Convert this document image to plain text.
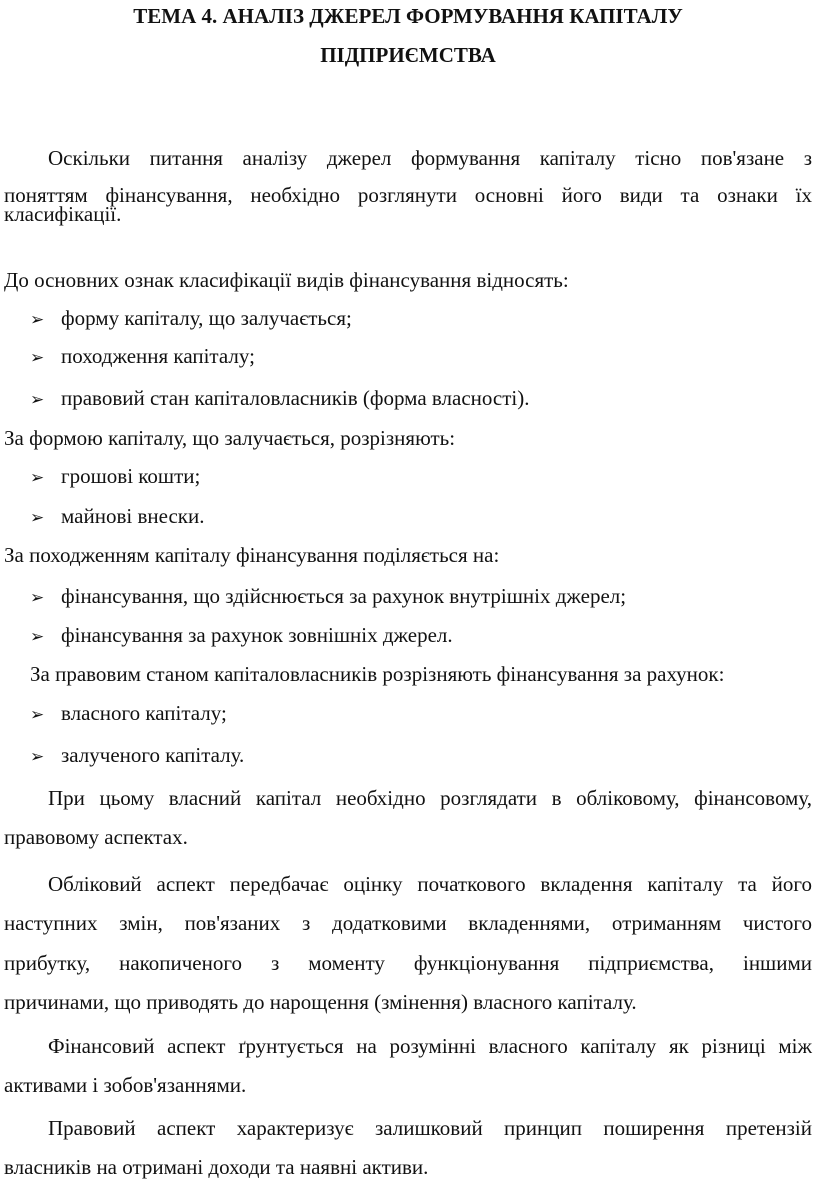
ТЕМА 4. АНАЛІЗ ДЖЕРЕЛ ФОРМУВАННЯ КАПІТАЛУ
ПІДПРИЄМСТВА
Оскільки питання аналізу джерел формування капіталу тісно пов'язане з
поняттям фінансування, необхідно розглянути основні його види та ознаки їх
класифікації.
До основних ознак класифікації видів фінансування відносять:
➢ форму капіталу, що залучається;
➢ походження капіталу;
➢ правовий стан капіталовласників (форма власності).
За формою капіталу, що залучається, розрізняють:
➢ грошові кошти;
➢ майнові внески.
За походженням капіталу фінансування поділяється на:
➢ фінансування, що здійснюється за рахунок внутрішніх джерел;
➢ фінансування за рахунок зовнішніх джерел.
За правовим станом капіталовласників розрізняють фінансування за рахунок:
➢ власного капіталу;
➢ залученого капіталу.
При цьому власний капітал необхідно розглядати в обліковому, фінансовому,
правовому аспектах.
Обліковий аспект передбачає оцінку початкового вкладення капіталу та його
наступних змін, пов'язаних з додатковими вкладеннями, отриманням чистого
прибутку, накопиченого з моменту функціонування підприємства, іншими
причинами, що приводять до нарощення (змінення) власного капіталу.
Фінансовий аспект ґрунтується на розумінні власного капіталу як різниці між
активами і зобов'язаннями.
Правовий аспект характеризує залишковий принцип поширення претензій
власників на отримані доходи та наявні активи.
